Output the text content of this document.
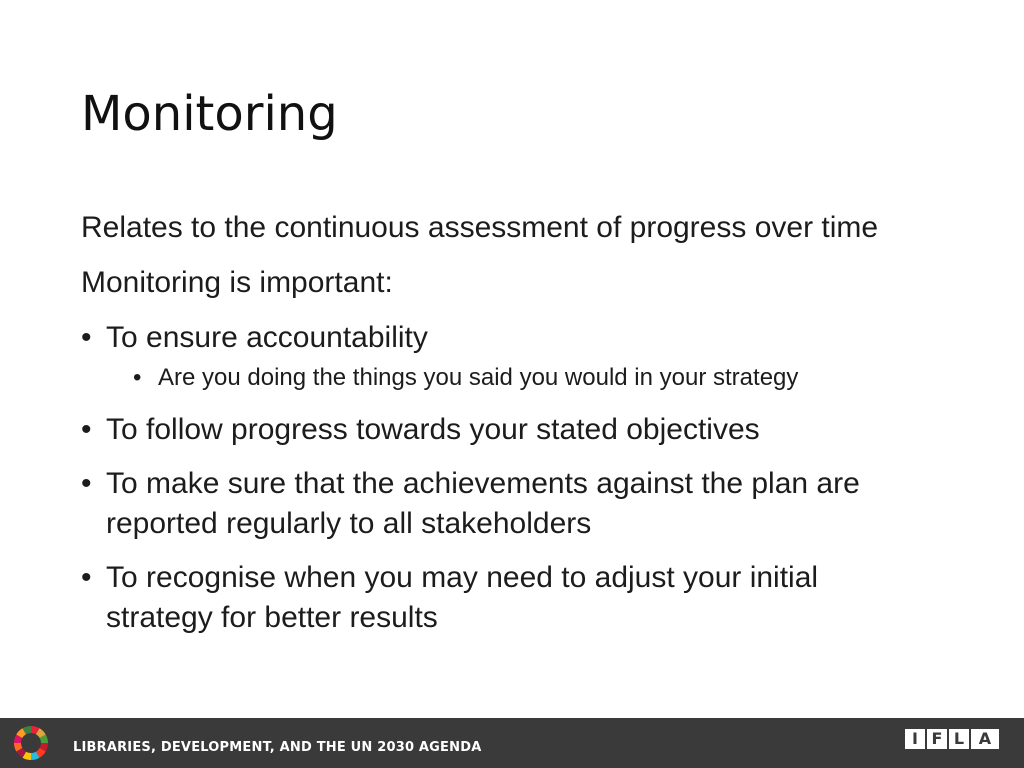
Monitoring

Relates to the continuous assessment of progress over time

Monitoring is important:

• To ensure accountability
• Are you doing the things you said you would in your strategy
• To follow progress towards your stated objectives
• To make sure that the achievements against the plan are reported regularly to all stakeholders
• To recognise when you may need to adjust your initial strategy for better results
LIBRARIES, DEVELOPMENT, AND THE UN 2030 AGENDA	I F L A
